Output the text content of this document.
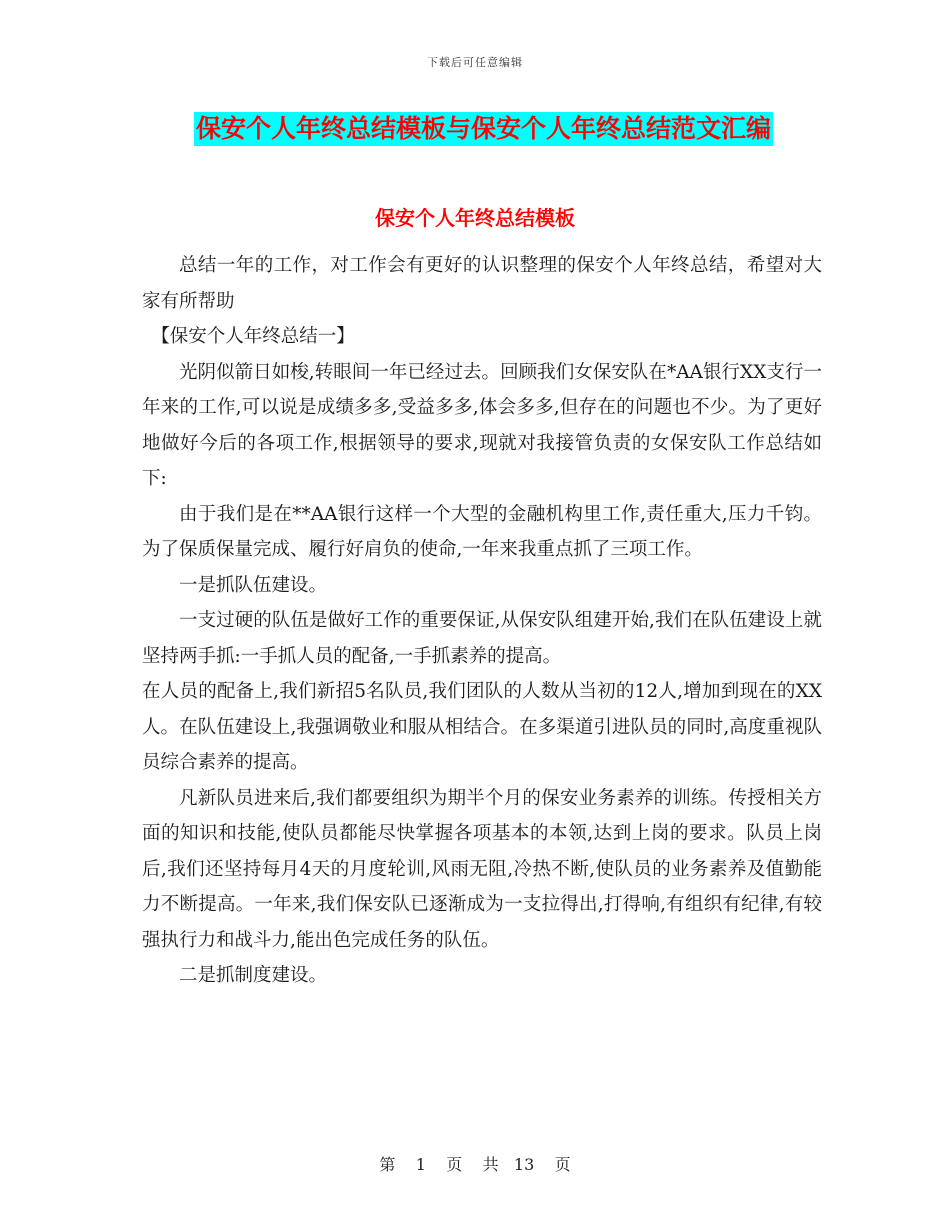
下载后可任意编辑
保安个人年终总结模板与保安个人年终总结范文汇编
保安个人年终总结模板

总结一年的工作，对工作会有更好的认识整理的保安个人年终总结，希望对大家有所帮助

【保安个人年终总结一】

光阴似箭日如梭,转眼间一年已经过去。回顾我们女保安队在*AA银行XX支行一年来的工作,可以说是成绩多多,受益多多,体会多多,但存在的问题也不少。为了更好地做好今后的各项工作,根据领导的要求,现就对我接管负责的女保安队工作总结如下:

由于我们是在**AA银行这样一个大型的金融机构里工作,责任重大,压力千钧。为了保质保量完成、履行好肩负的使命,一年来我重点抓了三项工作。

一是抓队伍建设。

一支过硬的队伍是做好工作的重要保证,从保安队组建开始,我们在队伍建设上就坚持两手抓:一手抓人员的配备,一手抓素养的提高。

在人员的配备上,我们新招5名队员,我们团队的人数从当初的12人,增加到现在的XX人。在队伍建设上,我强调敬业和服从相结合。在多渠道引进队员的同时,高度重视队员综合素养的提高。

凡新队员进来后,我们都要组织为期半个月的保安业务素养的训练。传授相关方面的知识和技能,使队员都能尽快掌握各项基本的本领,达到上岗的要求。队员上岗后,我们还坚持每月4天的月度轮训,风雨无阻,冷热不断,使队员的业务素养及值勤能力不断提高。一年来,我们保安队已逐渐成为一支拉得出,打得响,有组织有纪律,有较强执行力和战斗力,能出色完成任务的队伍。

二是抓制度建设。

第 1 页 共 13 页
